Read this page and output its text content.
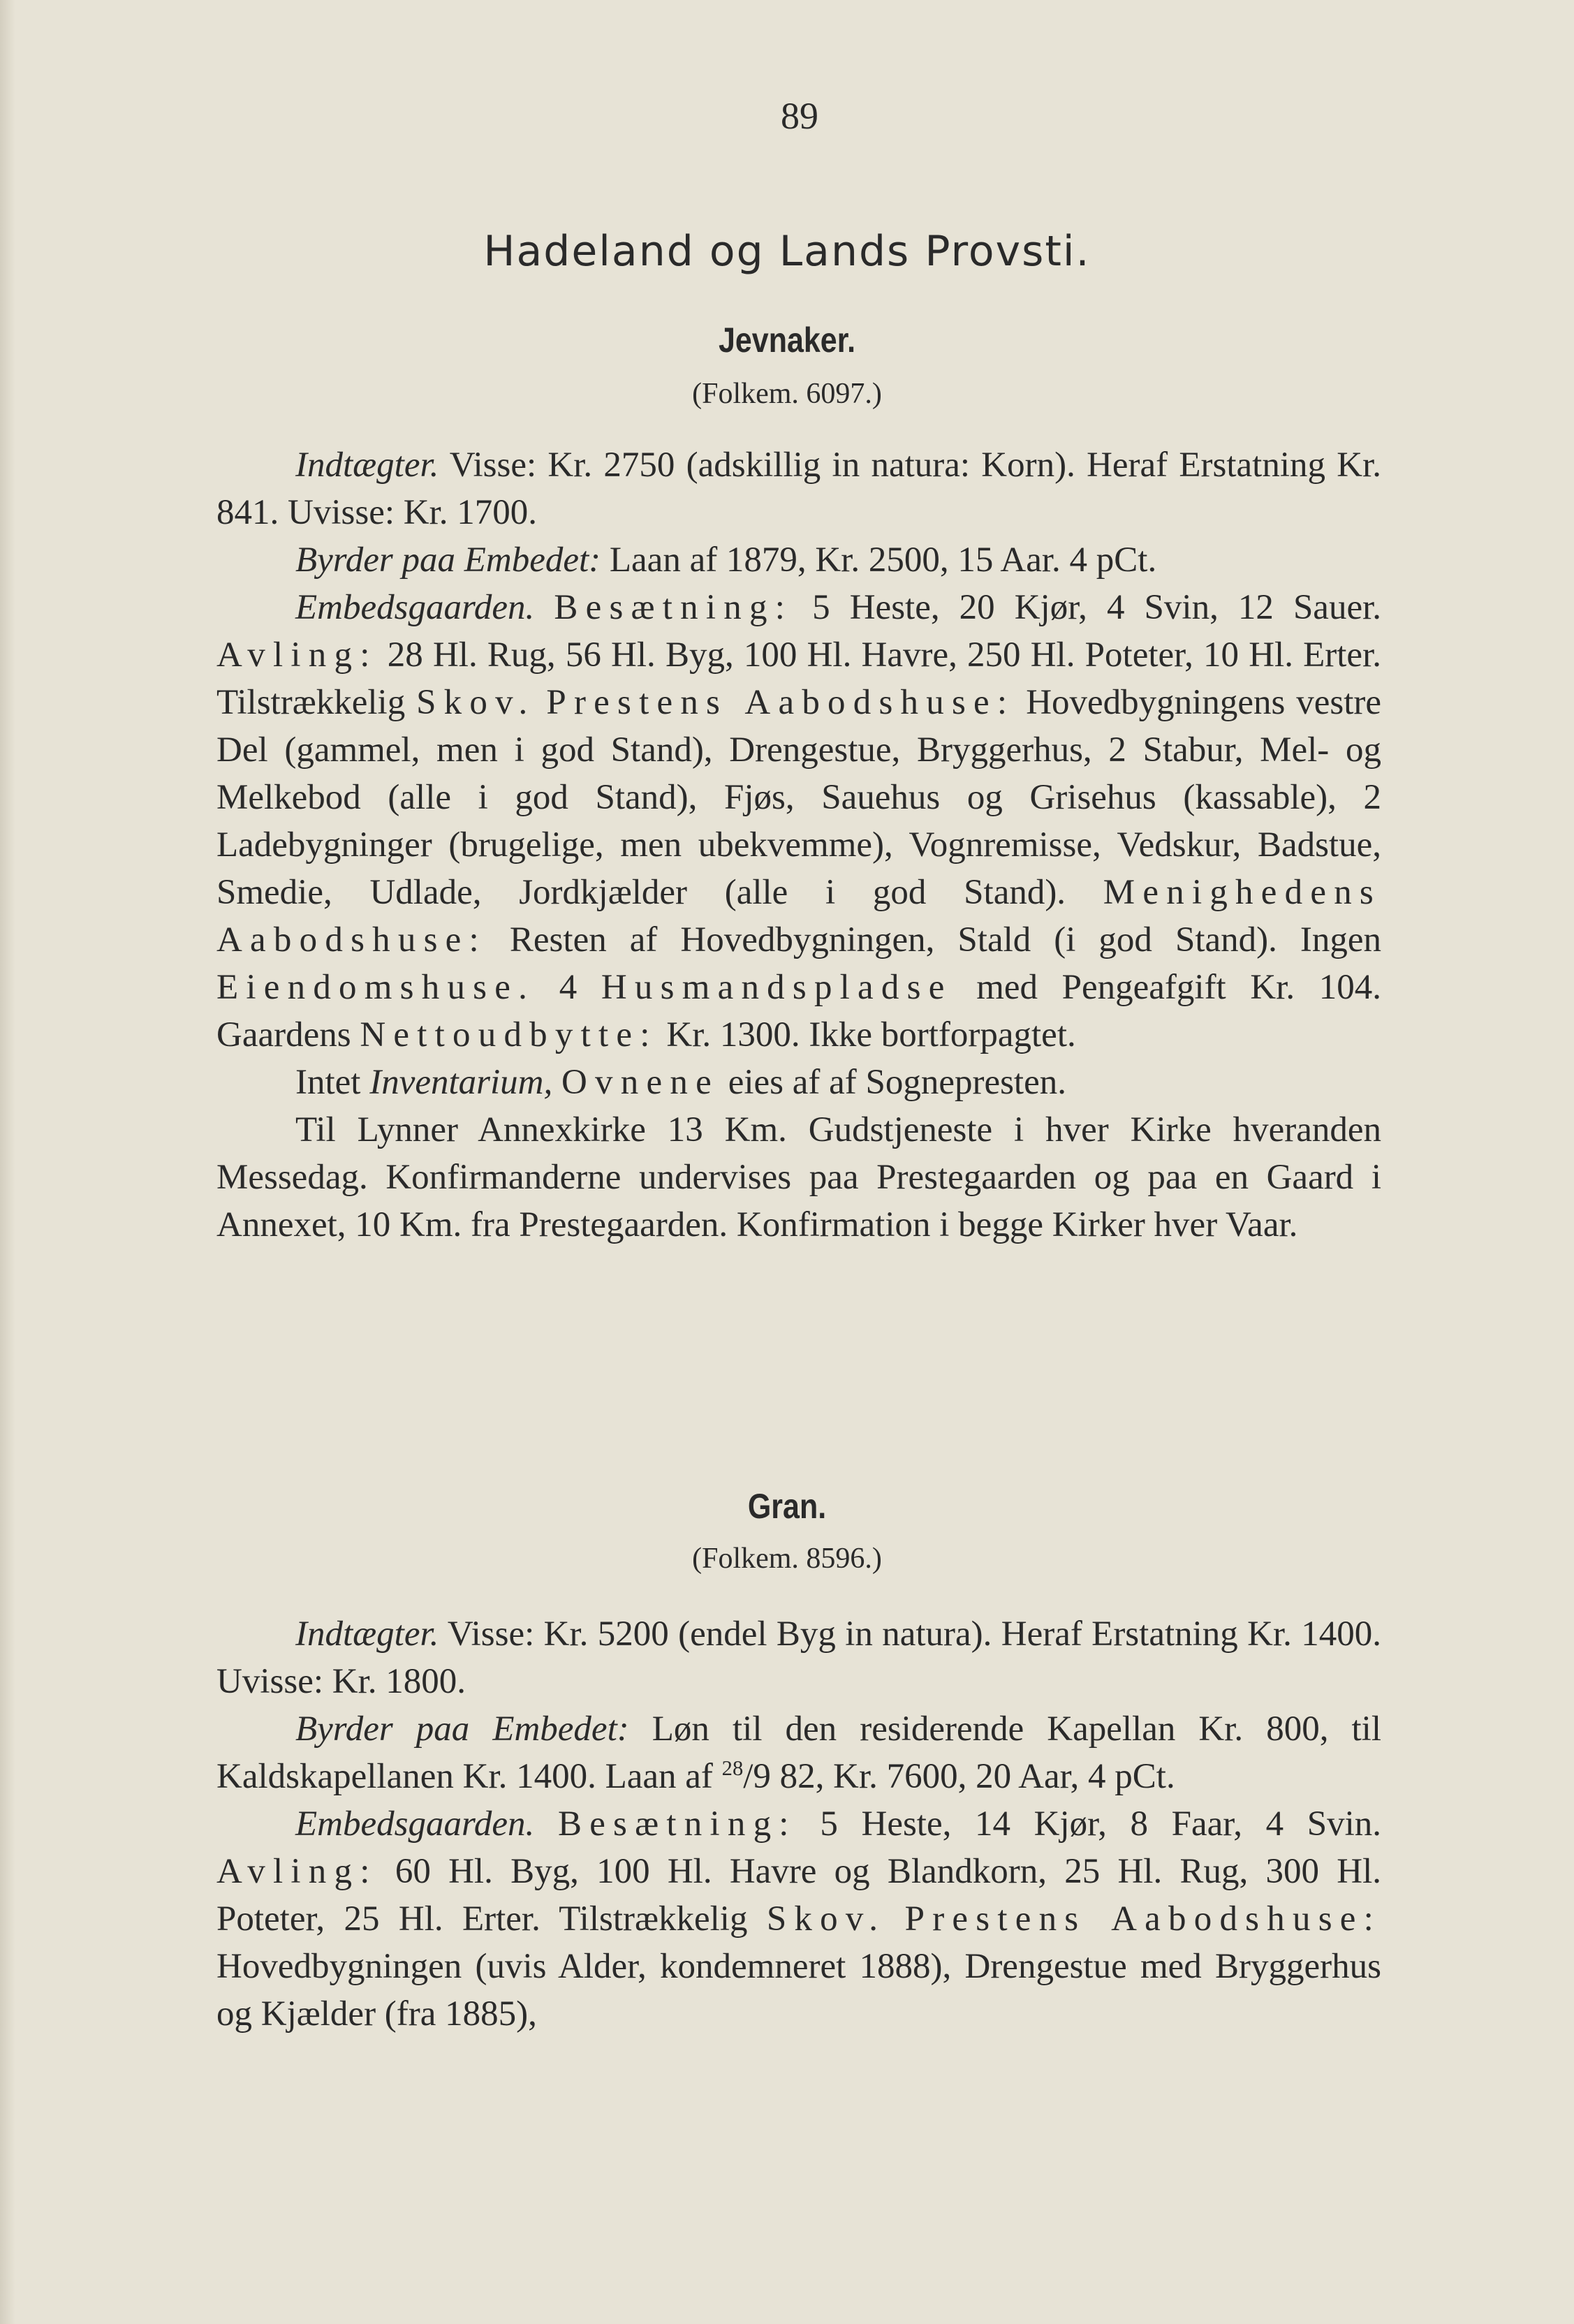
89
Hadeland og Lands Provsti.
Jevnaker.
(Folkem. 6097.)

Indtægter. Visse: Kr. 2750 (adskillig in natura: Korn). Heraf Erstatning Kr. 841. Uvisse: Kr. 1700.

Byrder paa Embedet: Laan af 1879, Kr. 2500, 15 Aar. 4 pCt.

Embedsgaarden. Besætning: 5 Heste, 20 Kjør, 4 Svin, 12 Sauer. Avling: 28 Hl. Rug, 56 Hl. Byg, 100 Hl. Havre, 250 Hl. Poteter, 10 Hl. Erter. Tilstrækkelig Skov. Prestens Aabodshuse: Hovedbygningens vestre Del (gammel, men i god Stand), Drengestue, Bryggerhus, 2 Stabur, Mel- og Melkebod (alle i god Stand), Fjøs, Sauehus og Grisehus (kassable), 2 Ladebygninger (brugelige, men ubekvemme), Vognremisse, Vedskur, Badstue, Smedie, Udlade, Jordkjælder (alle i god Stand). Menighedens Aabodshuse: Resten af Hovedbygningen, Stald (i god Stand). Ingen Eiendomshuse. 4 Husmandspladse med Pengeafgift Kr. 104. Gaardens Nettoudbytte: Kr. 1300. Ikke bortforpagtet.

Intet Inventarium, Ovnene eies af af Sognepresten.

Til Lynner Annexkirke 13 Km. Gudstjeneste i hver Kirke hveranden Messedag. Konfirmanderne undervises paa Prestegaarden og paa en Gaard i Annexet, 10 Km. fra Prestegaarden. Konfirmation i begge Kirker hver Vaar.

Gran.
(Folkem. 8596.)

Indtægter. Visse: Kr. 5200 (endel Byg in natura). Heraf Erstatning Kr. 1400. Uvisse: Kr. 1800.

Byrder paa Embedet: Løn til den residerende Kapellan Kr. 800, til Kaldskapellanen Kr. 1400. Laan af $^{28}$/9 82, Kr. 7600, 20 Aar, 4 pCt.

Embedsgaarden. Besætning: 5 Heste, 14 Kjør, 8 Faar, 4 Svin. Avling: 60 Hl. Byg, 100 Hl. Havre og Blandkorn, 25 Hl. Rug, 300 Hl. Poteter, 25 Hl. Erter. Tilstrækkelig Skov. Prestens Aabodshuse: Hovedbygningen (uvis Alder, kondemneret 1888), Drengestue med Bryggerhus og Kjælder (fra 1885),
